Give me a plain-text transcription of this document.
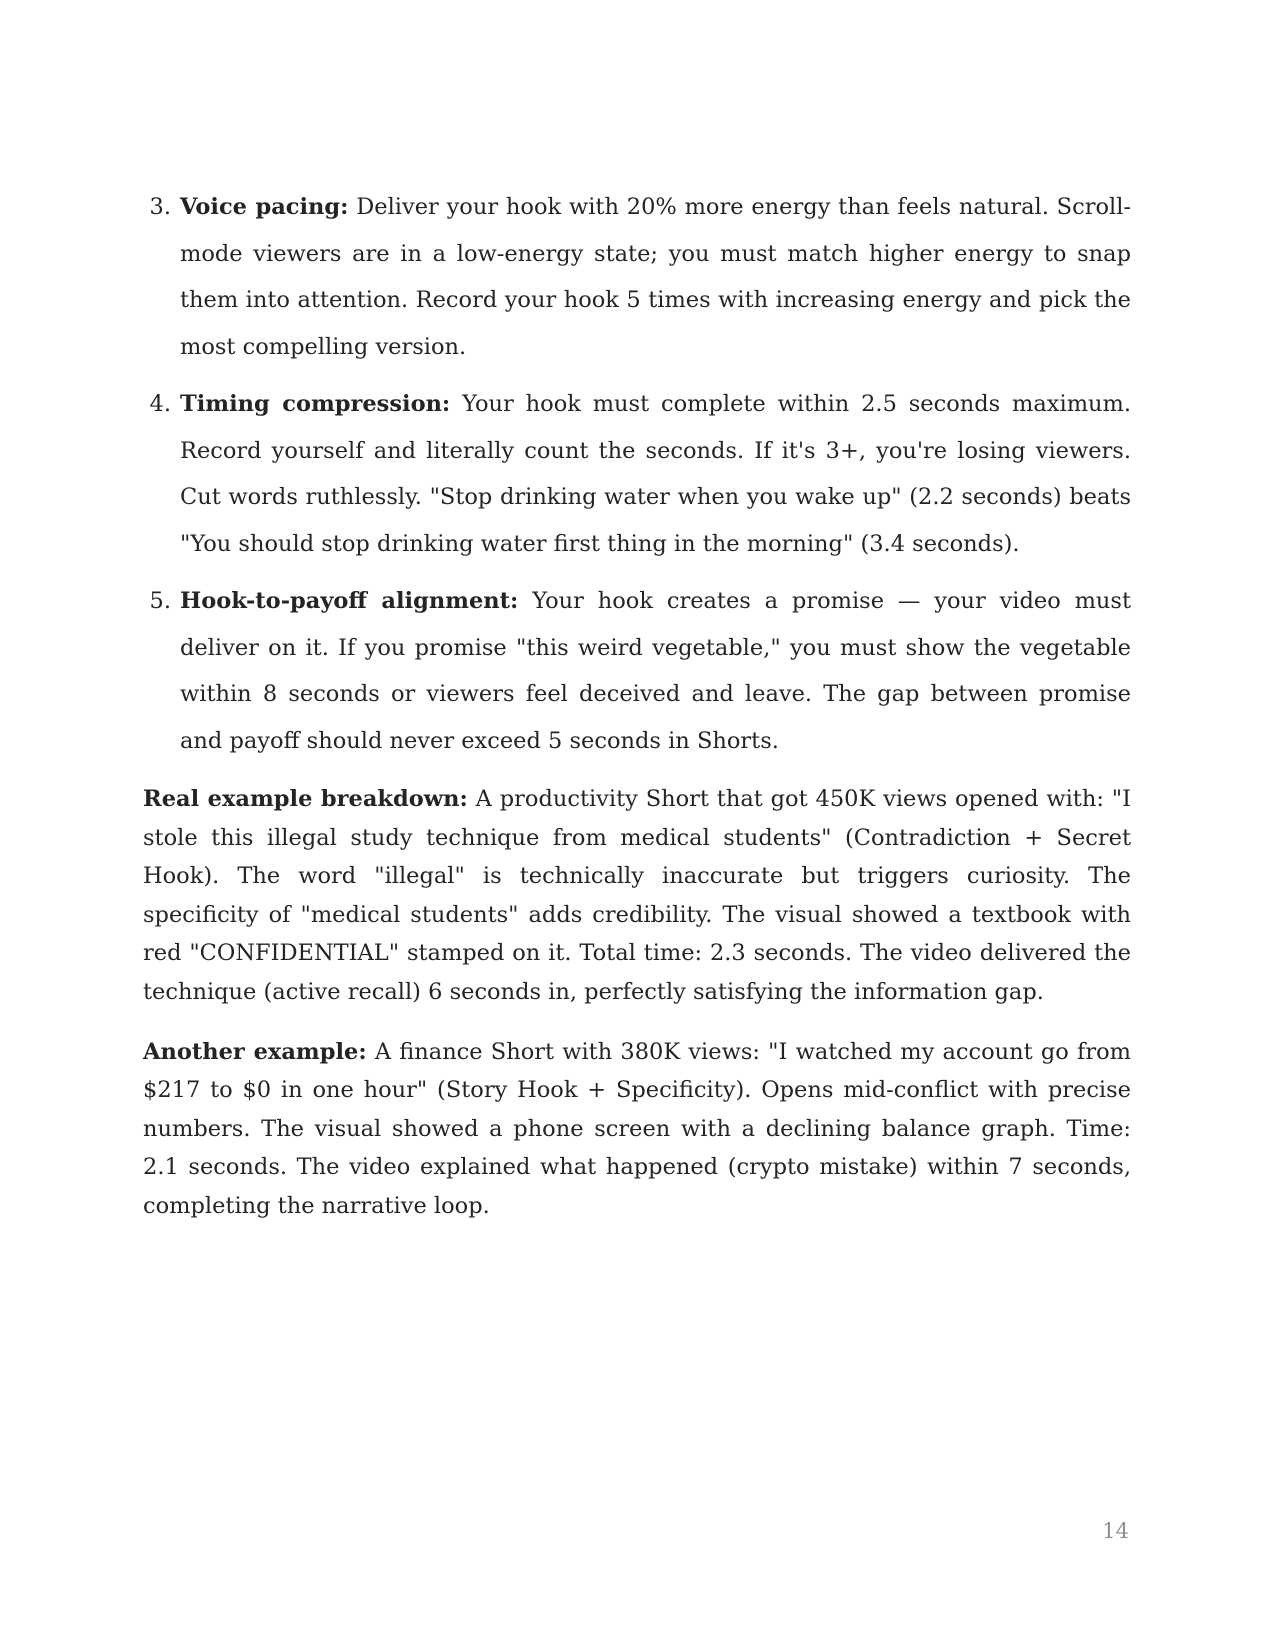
3. Voice pacing: Deliver your hook with 20% more energy than feels natural. Scroll-mode viewers are in a low-energy state; you must match higher energy to snap them into attention. Record your hook 5 times with increasing energy and pick the most compelling version.
4. Timing compression: Your hook must complete within 2.5 seconds maximum. Record yourself and literally count the seconds. If it's 3+, you're losing viewers. Cut words ruthlessly. "Stop drinking water when you wake up" (2.2 seconds) beats "You should stop drinking water first thing in the morning" (3.4 seconds).
5. Hook-to-payoff alignment: Your hook creates a promise — your video must deliver on it. If you promise "this weird vegetable," you must show the vegetable within 8 seconds or viewers feel deceived and leave. The gap between promise and payoff should never exceed 5 seconds in Shorts.

Real example breakdown: A productivity Short that got 450K views opened with: "I stole this illegal study technique from medical students" (Contradiction + Secret Hook). The word "illegal" is technically inaccurate but triggers curiosity. The specificity of "medical students" adds credibility. The visual showed a textbook with red "CONFIDENTIAL" stamped on it. Total time: 2.3 seconds. The video delivered the technique (active recall) 6 seconds in, perfectly satisfying the information gap.

Another example: A finance Short with 380K views: "I watched my account go from $217 to $0 in one hour" (Story Hook + Specificity). Opens mid-conflict with precise numbers. The visual showed a phone screen with a declining balance graph. Time: 2.1 seconds. The video explained what happened (crypto mistake) within 7 seconds, completing the narrative loop.

14
